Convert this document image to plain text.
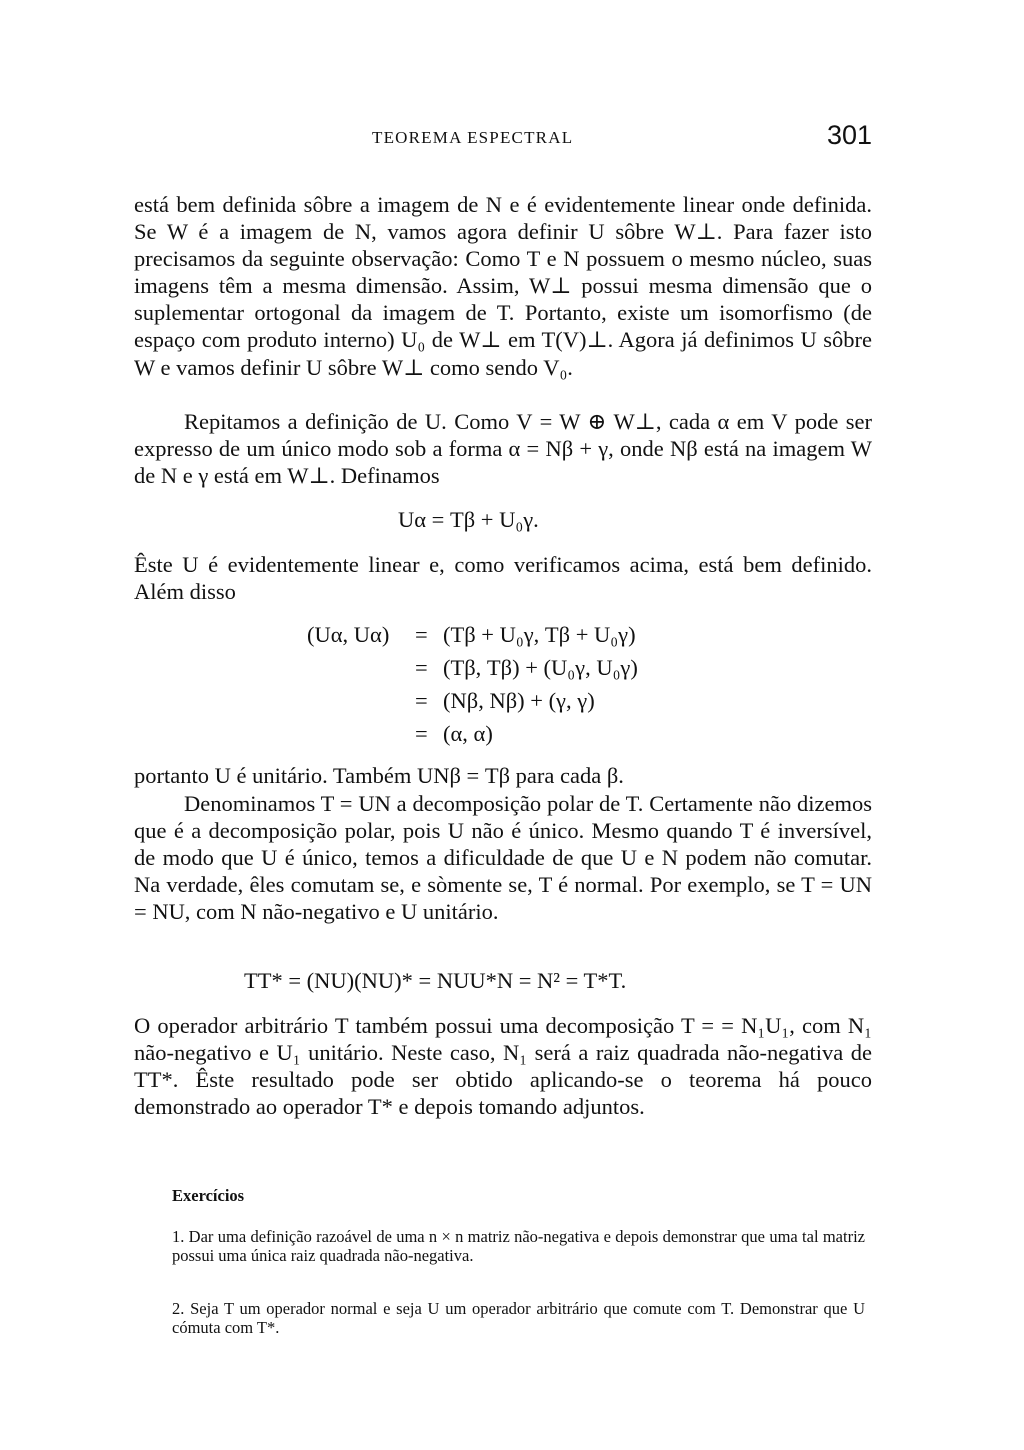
TEOREMA ESPECTRAL	301

está bem definida sôbre a imagem de N e é evidentemente linear onde definida. Se W é a imagem de N, vamos agora definir U sôbre W⊥. Para fazer isto precisamos da seguinte observação: Como T e N possuem o mesmo núcleo, suas imagens têm a mesma dimensão. Assim, W⊥ possui mesma dimensão que o suplementar ortogonal da imagem de T. Portanto, existe um isomorfismo (de espaço com produto interno) U₀ de W⊥ em T(V)⊥. Agora já definimos U sôbre W e vamos definir U sôbre W⊥ como sendo V₀.

Repitamos a definição de U. Como V = W ⊕ W⊥, cada α em V pode ser expresso de um único modo sob a forma α = Nβ + γ, onde Nβ está na imagem W de N e γ está em W⊥. Definamos

Uα = Tβ + U₀γ.

Êste U é evidentemente linear e, como verificamos acima, está bem definido. Além disso

(Uα, Uα) = (Tβ + U₀γ, Tβ + U₀γ)
= (Tβ, Tβ) + (U₀γ, U₀γ)
= (Nβ, Nβ) + (γ, γ)
= (α, α)

portanto U é unitário. Também UNβ = Tβ para cada β.

Denominamos T = UN a decomposição polar de T. Certamente não dizemos que é a decomposição polar, pois U não é único. Mesmo quando T é inversível, de modo que U é único, temos a dificuldade de que U e N podem não comutar. Na verdade, êles comutam se, e sòmente se, T é normal. Por exemplo, se T = UN = NU, com N não-negativo e U unitário.

TT* = (NU)(NU)* = NUU*N = N² = T*T.

O operador arbitrário T também possui uma decomposição T = = N₁U₁, com N₁ não-negativo e U₁ unitário. Neste caso, N₁ será a raiz quadrada não-negativa de TT*. Êste resultado pode ser obtido aplicando-se o teorema há pouco demonstrado ao operador T* e depois tomando adjuntos.

Exercícios

1. Dar uma definição razoável de uma n × n matriz não-negativa e depois demonstrar que uma tal matriz possui uma única raiz quadrada não-negativa.

2. Seja T um operador normal e seja U um operador arbitrário que comute com T. Demonstrar que U cómuta com T*.
